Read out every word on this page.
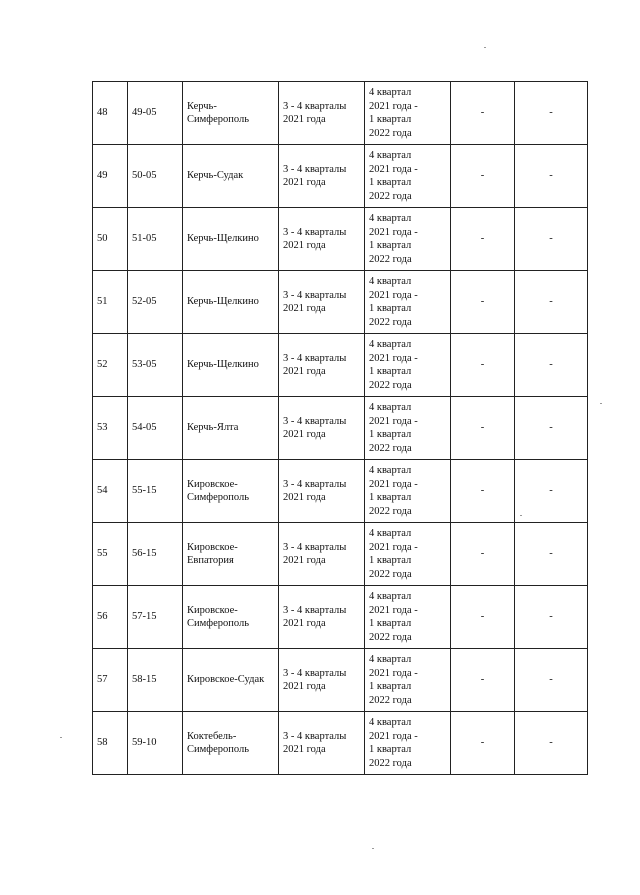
48	49-05	Керчь-
Симферополь	3 - 4 кварталы
2021 года	4 квартал
2021 года -
1 квартал
2022 года	-	-

49	50-05	Керчь-Судак	3 - 4 кварталы
2021 года	4 квартал
2021 года -
1 квартал
2022 года	-	-

50	51-05	Керчь-Щелкино	3 - 4 кварталы
2021 года	4 квартал
2021 года -
1 квартал
2022 года	-	-

51	52-05	Керчь-Щелкино	3 - 4 кварталы
2021 года	4 квартал
2021 года -
1 квартал
2022 года	-	-

52	53-05	Керчь-Щелкино	3 - 4 кварталы
2021 года	4 квартал
2021 года -
1 квартал
2022 года	-	-

53	54-05	Керчь-Ялта	3 - 4 кварталы
2021 года	4 квартал
2021 года -
1 квартал
2022 года	-	-

54	55-15	Кировское-
Симферополь	3 - 4 кварталы
2021 года	4 квартал
2021 года -
1 квартал
2022 года	-	-

55	56-15	Кировское-
Евпатория	3 - 4 кварталы
2021 года	4 квартал
2021 года -
1 квартал
2022 года	-	-

56	57-15	Кировское-
Симферополь	3 - 4 кварталы
2021 года	4 квартал
2021 года -
1 квартал
2022 года	-	-

57	58-15	Кировское-Судак	3 - 4 кварталы
2021 года	4 квартал
2021 года -
1 квартал
2022 года	-	-

58	59-10	Коктебель-
Симферополь	3 - 4 кварталы
2021 года	4 квартал
2021 года -
1 квартал
2022 года	-	-
